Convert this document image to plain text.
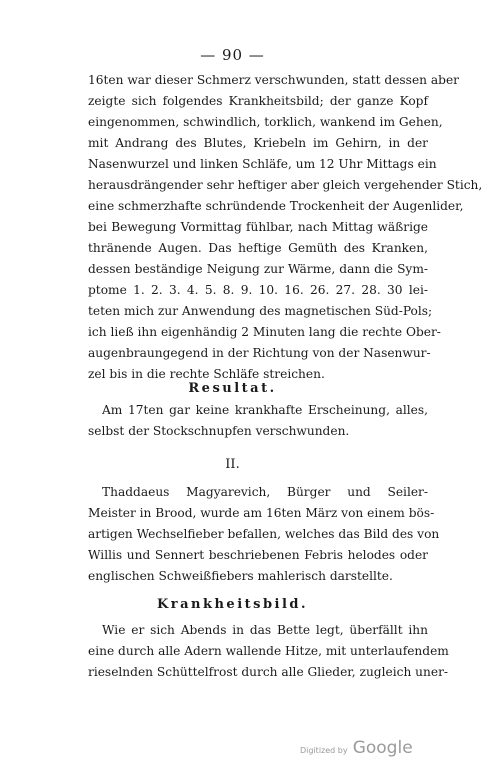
— 90 —
16ten war dieser Schmerz verschwunden, statt dessen aber
zeigte sich folgendes Krankheitsbild; der ganze Kopf
eingenommen, schwindlich, torklich, wankend im Gehen,
mit Andrang des Blutes, Kriebeln im Gehirn, in der
Nasenwurzel und linken Schläfe, um 12 Uhr Mittags ein
herausdrängender sehr heftiger aber gleich vergehender Stich,
eine schmerzhafte schründende Trockenheit der Augenlider,
bei Bewegung Vormittag fühlbar, nach Mittag wäßrige
thränende Augen. Das heftige Gemüth des Kranken,
dessen beständige Neigung zur Wärme, dann die Sym-
ptome 1. 2. 3. 4. 5. 8. 9. 10. 16. 26. 27. 28. 30 lei-
teten mich zur Anwendung des magnetischen Süd-Pols;
ich ließ ihn eigenhändig 2 Minuten lang die rechte Ober-
augenbraungegend in der Richtung von der Nasenwur-
zel bis in die rechte Schläfe streichen.
Resultat.
Am 17ten gar keine krankhafte Erscheinung, alles,
selbst der Stockschnupfen verschwunden.
II.
Thaddaeus Magyarevich, Bürger und Seiler-
Meister in Brood, wurde am 16ten März von einem bös-
artigen Wechselfieber befallen, welches das Bild des von
Willis und Sennert beschriebenen Febris helodes oder
englischen Schweißfiebers mahlerisch darstellte.
Krankheitsbild.
Wie er sich Abends in das Bette legt, überfällt ihn
eine durch alle Adern wallende Hitze, mit unterlaufendem
rieselnden Schüttelfrost durch alle Glieder, zugleich uner-
Digitized by Google
